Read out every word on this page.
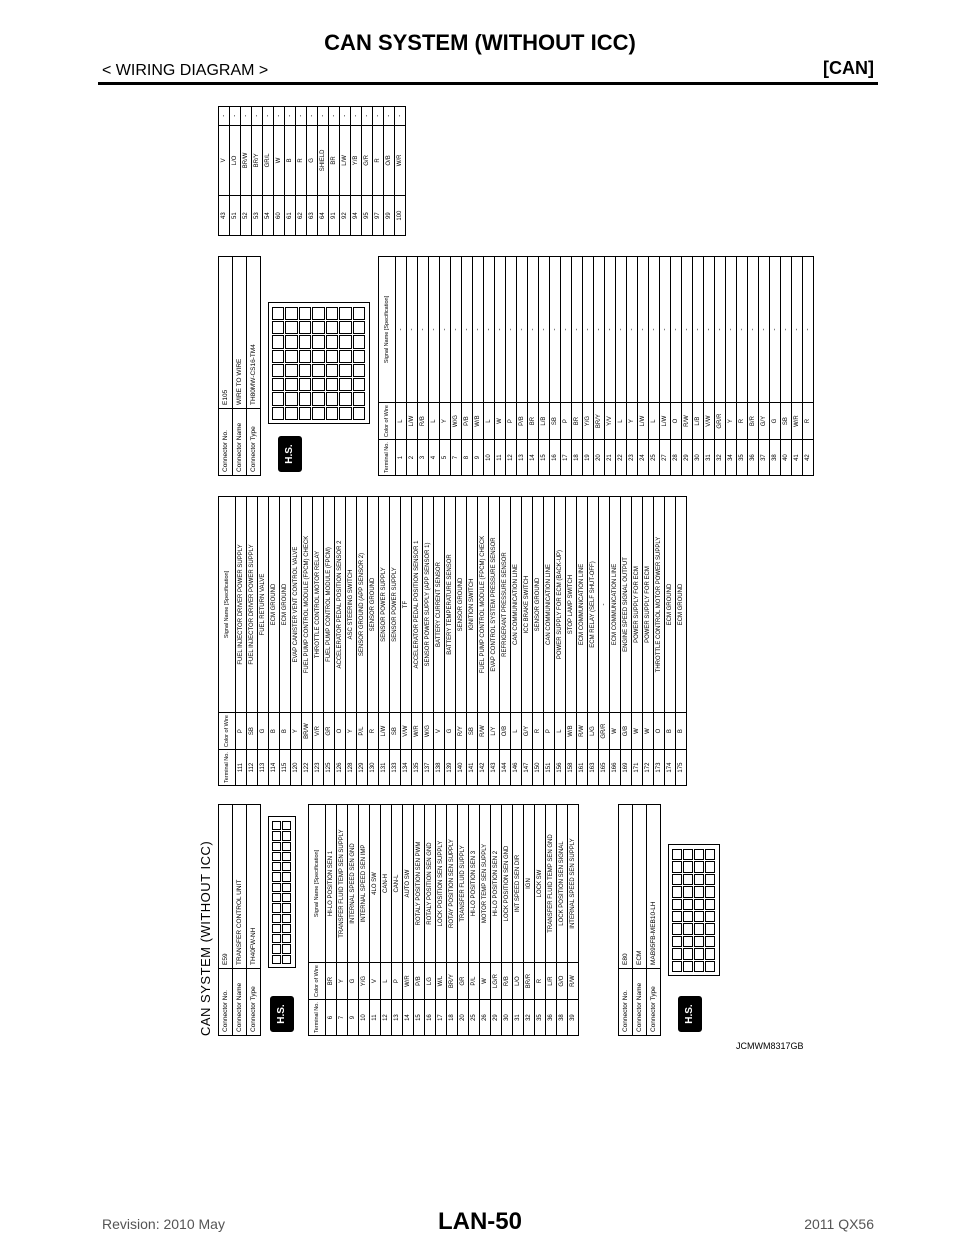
CAN SYSTEM (WITHOUT ICC)
< WIRING DIAGRAM >	[CAN]
CAN SYSTEM (WITHOUT ICC) Connector No.	E59
Connector Name	TRANSFER CONTROL UNIT
Connector Type	TH40FW-NH
H.S.	Terminal No.	Color of Wire	Signal Name [Specification]
6	BR	HI-LO POSITION SEN 1
7	Y	TRANSFER FLUID TEMP SEN SUPPLY
9	G	INTERNAL SPEED SEN GND
10	Y/G	INTERNAL SPEED SEN IMP
11	V	4LO SW
12	L	CAN-H
13	P	CAN-L
14	W/R	AUTO SW
15	P/B	ROTALY POSITION SEN PWM
16	LG	ROTALY POSITION SEN GND
17	W/L	LOCK POSITION SEN SUPPLY
18	BR/Y	ROTAY POSITION SEN SUPPLY
20	GR	TRANSFER FLUID SUPPLY
25	P/L	HI-LO POSITION SEN 3
26	W	MOTOR TEMP SEN SUPPLY
29	LG/R	HI-LO POSITION SEN 2
30	R/B	LOCK POSITION SEN GND
31	L/O	INT SPEED SEN DIR
32	BR/R	IGN
35	R	LOCK SW
36	L/R	TRANSFER FLUID TEMP SEN GND
38	G/O	LOCK POSITION SEN SIGNAL
39	R/W	INTERNAL SPEED SEN SUPPLY
Connector No.	E80
Connector Name	ECM
Connector Type	MAB95FB-MEB10-LH
H.S.
Terminal No.	Color of Wire	Signal Name [Specification]
111	P	FUEL INJECTOR DRIVER POWER SUPPLY
112	SB	FUEL INJECTOR DRIVER POWER SUPPLY
113	G	FUEL RETURN VALVE
114	B	ECM GROUND
115	B	ECM GROUND
120	Y	EVAP CANISTER VENT CONTROL VALVE
122	BR/W	FUEL PUMP CONTROL MODULE (FPCM) CHECK
123	V/R	THROTTLE CONTROL MOTOR RELAY
125	GR	FUEL PUMP CONTROL MODULE (FPCM)
126	O	ACCELERATOR PEDAL POSITION SENSOR 2
128	Y	ASC STEERING SWITCH
129	P/L	SENSOR GROUND (APP SENSOR 2)
130	R	SENSOR GROUND
131	L/W	SENSOR POWER SUPPLY
133	SB	SENSOR POWER SUPPLY
134	V/W	TF
135	W/R	ACCELERATOR PEDAL POSITION SENSOR 1
137	W/G	SENSOR POWER SUPPLY (APP SENSOR 1)
138	V	BATTERY CURRENT SENSOR
139	G	BATTERY TEMPERATURE SENSOR
140	R/Y	SENSOR GROUND
141	SB	IGNITION SWITCH
142	R/W	FUEL PUMP CONTROL MODULE (FPCM) CHECK
143	L/Y	EVAP CONTROL SYSTEM PRESSURE SENSOR
144	O/B	REFRIGERANT PRESSURE SENSOR
146	L	CAN COMMUNICATION LINE
147	G/Y	ICC BRAKE SWITCH
150	R	SENSOR GROUND
151	P	CAN COMMUNICATION LINE
156	L	POWER SUPPLY FOR ECM (BACK-UP)
158	W/B	STOP LAMP SWITCH
161	R/W	ECM COMMUNICATION LINE
163	L/G	ECM RELAY (SELF SHUT-OFF)
165	GR/R	-
166	W	ECM COMMUNICATION LINE
169	G/B	ENGINE SPEED SIGNAL OUTPUT
171	W	POWER SUPPLY FOR ECM
172	W	POWER SUPPLY FOR ECM
173	O	THROTTLE CONTROL MOTOR POWER SUPPLY
174	B	ECM GROUND
175	B	ECM GROUND
Connector No.	E105
Connector Name	WIRE TO WIRE
Connector Type	TH80MW-CS16-TM4
H.S.	Terminal No.	Color of Wire	Signal Name [Specification]
1	L	-
2	L/W	-
3	R/B	-
4	L	-
5	Y	-
7	W/G	-
8	P/B	-
9	W/B	-
10	L	-
11	W	-
12	P	-
13	P/B	-
14	BR	-
15	L/B	-
16	SB	-
17	P	-
18	BR	-
19	Y/G	-
20	BR/Y	-
21	Y/V	-
22	L	-
23	Y	-
24	L/W	-
25	L	-
27	L/W	-
28	O	-
29	R/W	-
30	L/B	-
31	V/W	-
32	GR/R	-
34	Y	-
35	R	-
36	B/R	-
37	G/Y	-
38	G	-
40	SB	-
41	W/R	-
42	R	-
43	V	-
51	L/O	-
52	BR/W	-
53	BR/Y	-
54	GR/L	-
60	W	-
61	B	-
62	R	-
63	G	-
64	SHIELD	-
91	BR	-
92	L/W	-
94	Y/B	-
95	G/R	-
97	R	-
99	O/B	-
100	W/R	-
JCMWM8317GB
Revision: 2010 May	LAN-50	2011 QX56
